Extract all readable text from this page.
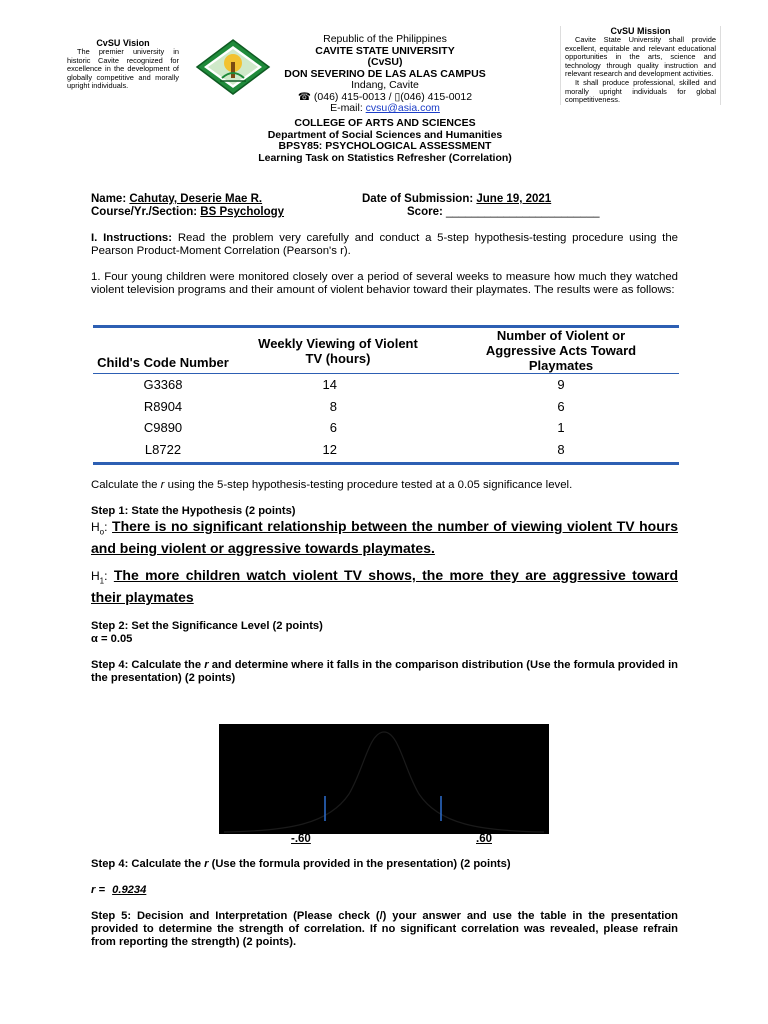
CvSU Vision
The premier university in historic Cavite recognized for excellence in the development of globally competitive and morally upright individuals.
Republic of the Philippines
CAVITE STATE UNIVERSITY
(CvSU)
DON SEVERINO DE LAS ALAS CAMPUS
Indang, Cavite
☎ (046) 415-0013 / ▯(046) 415-0012
E-mail: cvsu@asia.com
CvSU Mission
Cavite State University shall provide excellent, equitable and relevant educational opportunities in the arts, science and technology through quality instruction and relevant research and development activities.
It shall produce professional, skilled and morally upright individuals for global competitiveness.
COLLEGE OF ARTS AND SCIENCES
Department of Social Sciences and Humanities
BPSY85: PSYCHOLOGICAL ASSESSMENT
Learning Task on Statistics Refresher (Correlation)
Name: Cahutay, Deserie Mae R.	Date of Submission: June 19, 2021
Course/Yr./Section: BS Psychology	Score: ________________________
I. Instructions: Read the problem very carefully and conduct a 5-step hypothesis-testing procedure using the Pearson Product-Moment Correlation (Pearson's r).
1. Four young children were monitored closely over a period of several weeks to measure how much they watched violent television programs and their amount of violent behavior toward their playmates. The results were as follows:
Child's Code Number	Weekly Viewing of Violent TV (hours)	Number of Violent or Aggressive Acts Toward Playmates
G3368	14	9
R8904	8	6
C9890	6	1
L8722	12	8
Calculate the r using the 5-step hypothesis-testing procedure tested at a 0.05 significance level.
Step 1: State the Hypothesis (2 points)
$H_o$: There is no significant relationship between the number of viewing violent TV hours and being violent or aggressive towards playmates.
$H_1$: The more children watch violent TV shows, the more they are aggressive toward their playmates
Step 2: Set the Significance Level (2 points)
α = 0.05
Step 4: Calculate the r and determine where it falls in the comparison distribution (Use the formula provided in the presentation) (2 points)
-.60	.60
Step 4: Calculate the r (Use the formula provided in the presentation) (2 points)
r = 0.9234
Step 5: Decision and Interpretation (Please check (/) your answer and use the table in the presentation provided to determine the strength of correlation. If no significant correlation was revealed, please refrain from reporting the strength) (2 points).
